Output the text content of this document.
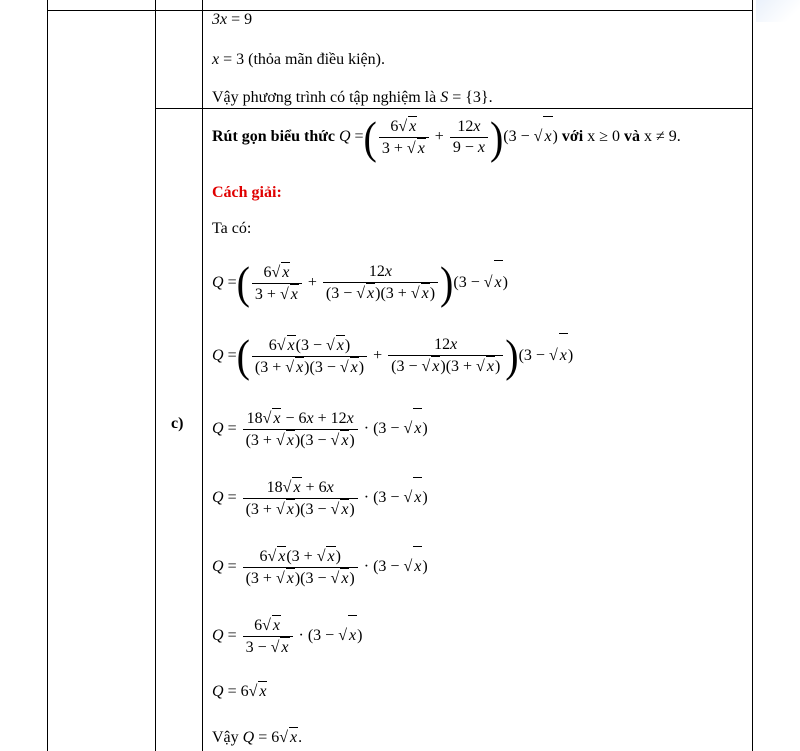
c)
3x = 9
x = 3 (thỏa mãn điều kiện).
Vậy phương trình có tập nghiệm là S = {3}.
Rút gọn biểu thức Q =( $\frac{6√ x}{3 + √ x} + \frac{12x}{9 - x} )(3$ − √ x) với x ≥ 0 và x ≠ 9.
Cách giải:
Ta có:
Q =( $\frac{6√ x}{3 + √ x} + \frac{12x}{(3 - √ x)(3 + √ x)} )(3$ − √ x)
Q =( $\frac{6√ x(3 - √ x)}{(3 + √ x)(3 - √ x)} + \frac{12x}{(3 - √ x)(3 + √ x)} )(3$ − √ x)
$Q = \frac{18√ x - 6x + 12x}{(3 + √ x)(3 - √ x)} \cdot (3$ − √ x)
$Q = \frac{18√ x + 6x}{(3 + √ x)(3 - √ x)} \cdot (3$ − √ x)
$Q = \frac{6√ x(3 + √ x)}{(3 + √ x)(3 - √ x)} \cdot (3$ − √ x)
$Q = \frac{6√ x}{3 - √ x} \cdot (3$ − √ x)
Q = 6√ x
Vậy Q = 6√ x.
